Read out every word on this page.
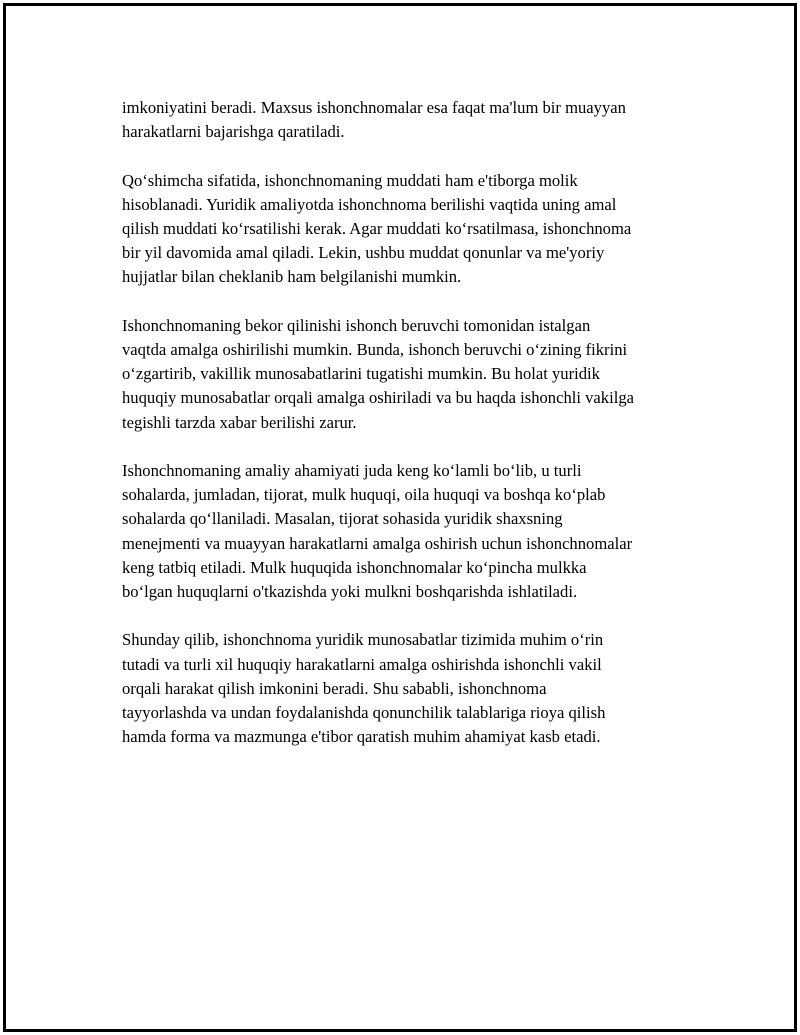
imkoniyatini beradi. Maxsus ishonchnomalar esa faqat ma'lum bir muayyan
harakatlarni bajarishga qaratiladi.

Qo‘shimcha sifatida, ishonchnomaning muddati ham e'tiborga molik
hisoblanadi. Yuridik amaliyotda ishonchnoma berilishi vaqtida uning amal
qilish muddati ko‘rsatilishi kerak. Agar muddati ko‘rsatilmasa, ishonchnoma
bir yil davomida amal qiladi. Lekin, ushbu muddat qonunlar va me'yoriy
hujjatlar bilan cheklanib ham belgilanishi mumkin.

Ishonchnomaning bekor qilinishi ishonch beruvchi tomonidan istalgan
vaqtda amalga oshirilishi mumkin. Bunda, ishonch beruvchi o‘zining fikrini
o‘zgartirib, vakillik munosabatlarini tugatishi mumkin. Bu holat yuridik
huquqiy munosabatlar orqali amalga oshiriladi va bu haqda ishonchli vakilga
tegishli tarzda xabar berilishi zarur.

Ishonchnomaning amaliy ahamiyati juda keng ko‘lamli bo‘lib, u turli
sohalarda, jumladan, tijorat, mulk huquqi, oila huquqi va boshqa ko‘plab
sohalarda qo‘llaniladi. Masalan, tijorat sohasida yuridik shaxsning
menejmenti va muayyan harakatlarni amalga oshirish uchun ishonchnomalar
keng tatbiq etiladi. Mulk huquqida ishonchnomalar ko‘pincha mulkka
bo‘lgan huquqlarni o'tkazishda yoki mulkni boshqarishda ishlatiladi.

Shunday qilib, ishonchnoma yuridik munosabatlar tizimida muhim o‘rin
tutadi va turli xil huquqiy harakatlarni amalga oshirishda ishonchli vakil
orqali harakat qilish imkonini beradi. Shu sababli, ishonchnoma
tayyorlashda va undan foydalanishda qonunchilik talablariga rioya qilish
hamda forma va mazmunga e'tibor qaratish muhim ahamiyat kasb etadi.
